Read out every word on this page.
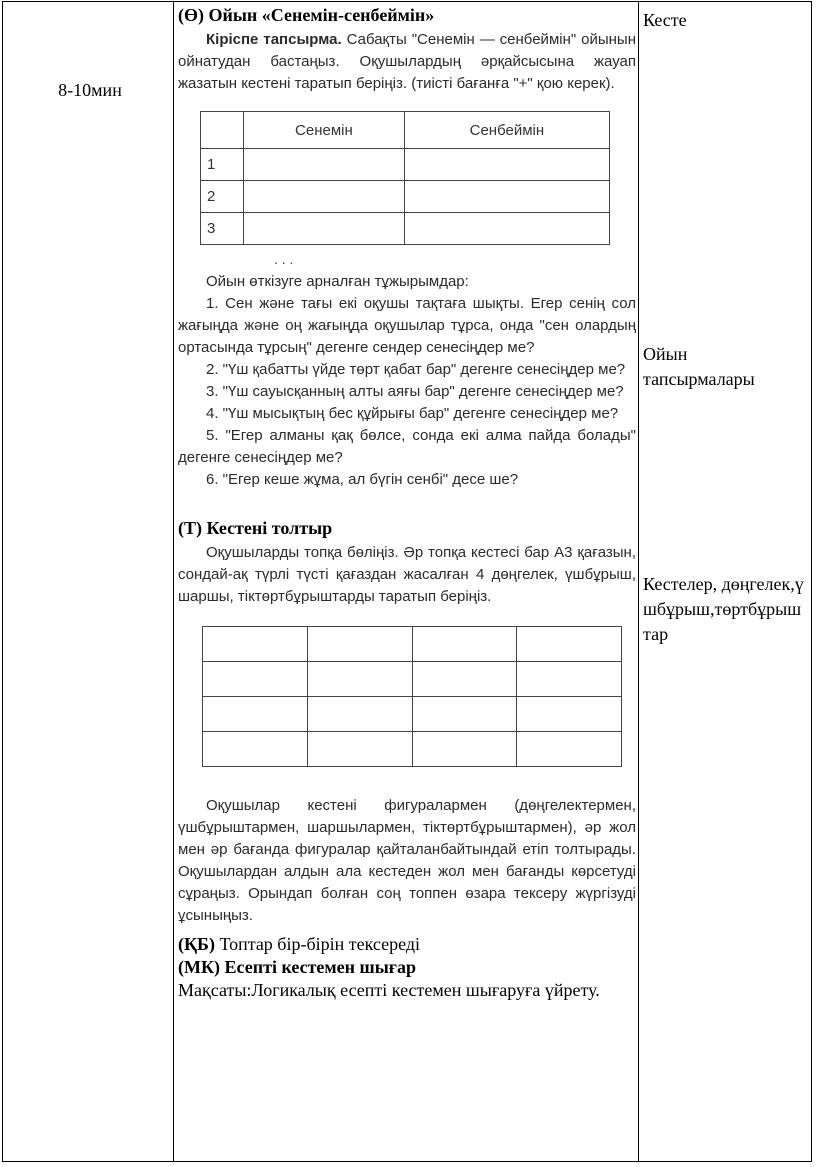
8-10мин
(Ө) Ойын «Сенемін-сенбеймін»

Кіріспе тапсырма. Сабақты "Сенемін — сенбеймін" ойынын ойнатудан бастаңыз. Оқушылардың әрқайсысына жауап жазатын кестені таратып беріңіз. (тиісті бағанға "+" қою керек).

	Сенемін	Сенбеймін
1		
2		
3		
. . .

Ойын өткізуге арналған тұжырымдар:

1. Сен және тағы екі оқушы тақтаға шықты. Егер сенің сол жағыңда және оң жағыңда оқушылар тұрса, онда "сен олардың ортасында тұрсың" дегенге сендер сенесіңдер ме?

2. "Үш қабатты үйде төрт қабат бар" дегенге сенесіңдер ме?

3. "Үш сауысқанның алты аяғы бар" дегенге сенесіңдер ме?

4. "Үш мысықтың бес құйрығы бар" дегенге сенесіңдер ме?

5. "Егер алманы қақ бөлсе, сонда екі алма пайда болады" дегенге сенесіңдер ме?

6. "Егер кеше жұма, ал бүгін сенбі" десе ше?

(Т) Кестені толтыр

Оқушыларды топқа бөліңіз. Әр топқа кестесі бар А3 қағазын, сондай-ақ түрлі түсті қағаздан жасалған 4 дөңгелек, үшбұрыш, шаршы, тіктөртбұрыштарды таратып беріңіз.

Оқушылар кестені фигуралармен (дөңгелектермен, үшбұрыштармен, шаршылармен, тіктөртбұрыштармен), әр жол мен әр бағанда фигуралар қайталанбайтындай етіп толтырады. Оқушылардан алдын ала кестеден жол мен бағанды көрсетуді сұраңыз. Орындап болған соң топпен өзара тексеру жүргізуді ұсыныңыз.

(ҚБ) Топтар бір-бірін тексереді
(МК) Есепті кестемен шығар
Мақсаты:Логикалық есепті кестемен шығаруға үйрету.
Кесте
Ойын тапсырмалары
Кестелер, дөңгелек,үшбұрыш,төртбұрыштар
